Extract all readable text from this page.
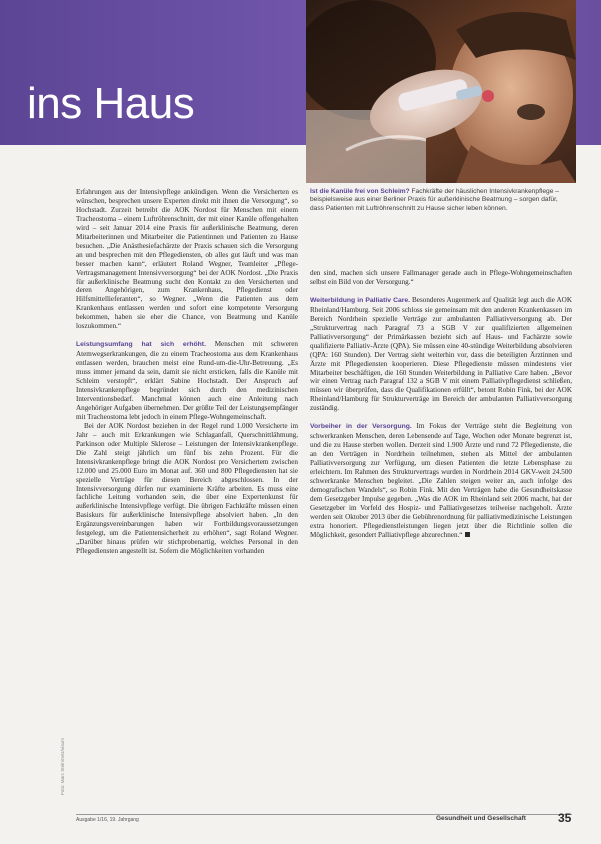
ins Haus
Ist die Kanüle frei von Schleim? Fachkräfte der häuslichen Intensivkrankenpflege – beispielsweise aus einer Berliner Praxis für außerklinische Beatmung – sorgen dafür, dass Patienten mit Luftröhrenschnitt zu Hause sicher leben können.

Erfahrungen aus der Intensivpflege ankündigen. Wenn die Versicherten es wünschen, besprechen unsere Experten direkt mit ihnen die Versorgung“, so Hochstadt. Zurzeit betreibt die AOK Nordost für Menschen mit einem Tracheostoma – einem Luftröhrenschnitt, der mit einer Kanüle offengehalten wird – seit Januar 2014 eine Praxis für außerklinische Beatmung, deren Mitarbeiterinnen und Mitarbeiter die Patientinnen und Patienten zu Hause besuchen. „Die Anästhesiefachärzte der Praxis schauen sich die Versorgung an und besprechen mit den Pflegediensten, ob alles gut läuft und was man besser machen kann“, erläutert Roland Wegner, Teamleiter „Pflege-Vertragsmanagement Intensivversorgung“ bei der AOK Nordost. „Die Praxis für außerklinische Beatmung sucht den Kontakt zu den Versicherten und deren Angehörigen, zum Krankenhaus, Pflegedienst oder Hilfsmittellieferanten“, so Wegner. „Wenn die Patienten aus dem Krankenhaus entlassen werden und sofort eine kompetente Versorgung bekommen, haben sie eher die Chance, von Beatmung und Kanüle loszukommen.“

Leistungsumfang hat sich erhöht. Menschen mit schweren Atemwegserkrankungen, die zu einem Tracheostoma aus dem Krankenhaus entlassen werden, brauchen meist eine Rund-um-die-Uhr-Betreuung. „Es muss immer jemand da sein, damit sie nicht ersticken, falls die Kanüle mit Schleim verstopft“, erklärt Sabine Hochstadt. Der Anspruch auf Intensivkrankenpflege begründet sich durch den medizinischen Interventionsbedarf. Manchmal können auch eine Anleitung nach Angehöriger Aufgaben übernehmen. Der größte Teil der Leistungsempfänger mit Tracheostoma lebt jedoch in einem Pflege-Wohngemeinschaft.

Bei der AOK Nordost beziehen in der Regel rund 1.000 Versicherte im Jahr – auch mit Erkrankungen wie Schlaganfall, Querschnittlähmung, Parkinson oder Multiple Sklerose – Leistungen der Intensivkrankenpflege. Die Zahl steigt jährlich um fünf bis zehn Prozent. Für die Intensivkrankenpflege bringt die AOK Nordost pro Versichertem zwischen 12.000 und 25.000 Euro im Monat auf. 360 und 800 Pflegediensten hat sie spezielle Verträge für diesen Bereich abgeschlossen. In der Intensivversorgung dürfen nur examinierte Kräfte arbeiten. Es muss eine fachliche Leitung vorhanden sein, die über eine Expertenkunst für außerklinische Intensivpflege verfügt. Die übrigen Fachkräfte müssen einen Basiskurs für außerklinische Intensivpflege absolviert haben. „In den Ergänzungsvereinbarungen haben wir Fortbildungsvoraussetzungen festgelegt, um die Patientensicherheit zu erhöhen“, sagt Roland Wegner. „Darüber hinaus prüfen wir stichprobenartig, welches Personal in den Pflegediensten angestellt ist. Sofern die Möglichkeiten vorhanden

den sind, machen sich unsere Fallmanager gerade auch in Pflege-Wohngemeinschaften selbst ein Bild von der Versorgung.“

Weiterbildung in Palliativ Care. Besonderes Augenmerk auf Qualität legt auch die AOK Rheinland/Hamburg. Seit 2006 schloss sie gemeinsam mit den anderen Krankenkassen im Bereich Nordrhein spezielle Verträge zur ambulanten Palliativversorgung ab. Der „Strukturvertrag nach Paragraf 73 a SGB V zur qualifizierten allgemeinen Palliativversorgung“ der Primärkassen bezieht sich auf Haus- und Fachärzte sowie qualifizierte Palliativ-Ärzte (QPA). Sie müssen eine 40-stündige Weiterbildung absolvieren (QPA: 160 Stunden). Der Vertrag sieht weiterhin vor, dass die beteiligten Ärztinnen und Ärzte mit Pflegediensten kooperieren. Diese Pflegedienste müssen mindestens vier Mitarbeiter beschäftigen, die 160 Stunden Weiterbildung in Palliative Care haben. „Bevor wir einen Vertrag nach Paragraf 132 a SGB V mit einem Palliativpflegedienst schließen, müssen wir überprüfen, dass die Qualifikationen erfüllt“, betont Robin Fink, bei der AOK Rheinland/Hamburg für Strukturverträge im Bereich der ambulanten Palliativversorgung zuständig.

Vorbeiher in der Versorgung. Im Fokus der Verträge steht die Begleitung von schwerkranken Menschen, deren Lebensende auf Tage, Wochen oder Monate begrenzt ist, und die zu Hause sterben wollen. Derzeit sind 1.900 Ärzte und rund 72 Pflegedienste, die an den Verträgen in Nordrhein teilnehmen, stehen als Mittel der ambulanten Palliativversorgung zur Verfügung, um diesen Patienten die letzte Lebensphase zu erleichtern. Im Rahmen des Strukturvertrags wurden in Nordrhein 2014 GKV-weit 24.500 schwerkranke Menschen begleitet. „Die Zahlen steigen weiter an, auch infolge des demografischen Wandels“, so Robin Fink. Mit den Verträgen habe die Gesundheitskasse dem Gesetzgeber Impulse gegeben. „Was die AOK im Rheinland seit 2006 macht, hat der Gesetzgeber im Vorfeld des Hospiz- und Palliativgesetzes teilweise nachgeholt. Ärzte werden seit Oktober 2013 über die Gebührenordnung für palliativmedizinische Leistungen extra honoriert. Pflegedienstleistungen liegen jetzt über die Richtlinie sollen die Möglichkeit, gesondert Palliativpflege abzurechnen.“

Foto: Marc Steinmetz/visum
Ausgabe 1/16, 19. Jahrgang	Gesundheit und Gesellschaft	35
